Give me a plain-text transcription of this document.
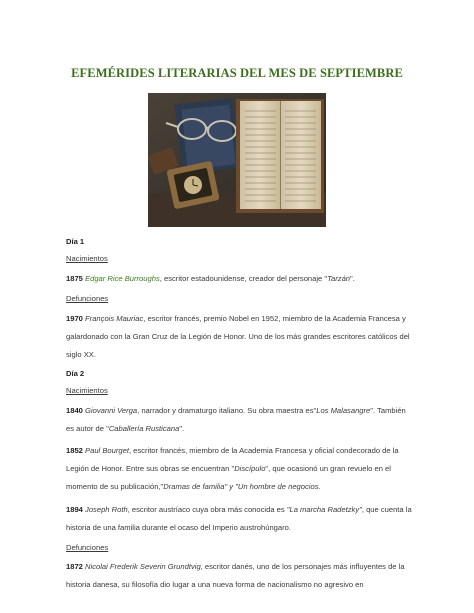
EFEMÉRIDES LITERARIAS DEL MES DE SEPTIEMBRE

Día 1

Nacimientos

1875 Edgar Rice Burroughs, escritor estadounidense, creador del personaje "Tarzán".

Defunciones

1970 François Mauriac, escritor francés, premio Nobel en 1952, miembro de la Academia Francesa y galardonado con la Gran Cruz de la Legión de Honor. Uno de los más grandes escritores católicos del siglo XX.

Día 2

Nacimientos

1840 Giovanni Verga, narrador y dramaturgo italiano. Su obra maestra es"Los Malasangre". También es autor de "Caballería Rusticana".

1852 Paul Bourget, escritor francés, miembro de la Academia Francesa y oficial condecorado de la Legión de Honor. Entre sus obras se encuentran "Discípulo", que ocasionó un gran revuelo en el momento de su publicación,"Dramas de familia" y "Un hombre de negocios.

1894 Joseph Roth, escritor austríaco cuya obra más conocida es "La marcha Radetzky", que cuenta la historia de una familia durante el ocaso del Imperio austrohúngaro.

Defunciones

1872 Nicolai Frederik Severin Grundtvig, escritor danés, uno de los personajes más influyentes de la historia danesa, su filosofía dio lugar a una nueva forma de nacionalismo no agresivo en
